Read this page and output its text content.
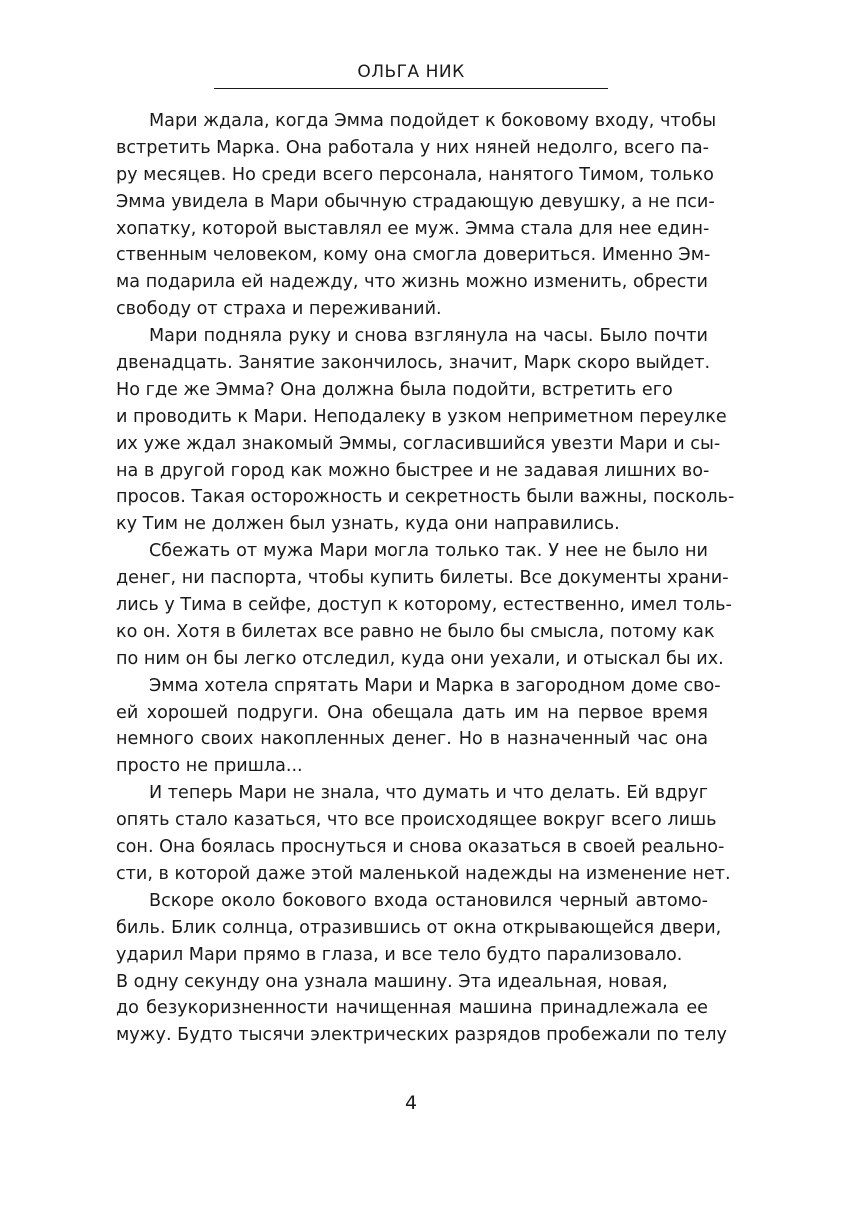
ОЛЬГА НИК
Мари ждала, когда Эмма подойдет к боковому входу, чтобы
встретить Марка. Она работала у них няней недолго, всего па-
ру месяцев. Но среди всего персонала, нанятого Тимом, только
Эмма увидела в Мари обычную страдающую девушку, а не пси-
хопатку, которой выставлял ее муж. Эмма стала для нее един-
ственным человеком, кому она смогла довериться. Именно Эм-
ма подарила ей надежду, что жизнь можно изменить, обрести
свободу от страха и переживаний.
Мари подняла руку и снова взглянула на часы. Было почти
двенадцать. Занятие закончилось, значит, Марк скоро выйдет.
Но где же Эмма? Она должна была подойти, встретить его
и проводить к Мари. Неподалеку в узком неприметном переулке
их уже ждал знакомый Эммы, согласившийся увезти Мари и сы-
на в другой город как можно быстрее и не задавая лишних во-
просов. Такая осторожность и секретность были важны, посколь-
ку Тим не должен был узнать, куда они направились.
Сбежать от мужа Мари могла только так. У нее не было ни
денег, ни паспорта, чтобы купить билеты. Все документы храни-
лись у Тима в сейфе, доступ к которому, естественно, имел толь-
ко он. Хотя в билетах все равно не было бы смысла, потому как
по ним он бы легко отследил, куда они уехали, и отыскал бы их.
Эмма хотела спрятать Мари и Марка в загородном доме сво-
ей хорошей подруги. Она обещала дать им на первое время
немного своих накопленных денег. Но в назначенный час она
просто не пришла...
И теперь Мари не знала, что думать и что делать. Ей вдруг
опять стало казаться, что все происходящее вокруг всего лишь
сон. Она боялась проснуться и снова оказаться в своей реально-
сти, в которой даже этой маленькой надежды на изменение нет.
Вскоре около бокового входа остановился черный автомо-
биль. Блик солнца, отразившись от окна открывающейся двери,
ударил Мари прямо в глаза, и все тело будто парализовало.
В одну секунду она узнала машину. Эта идеальная, новая,
до безукоризненности начищенная машина принадлежала ее
мужу. Будто тысячи электрических разрядов пробежали по телу
4
